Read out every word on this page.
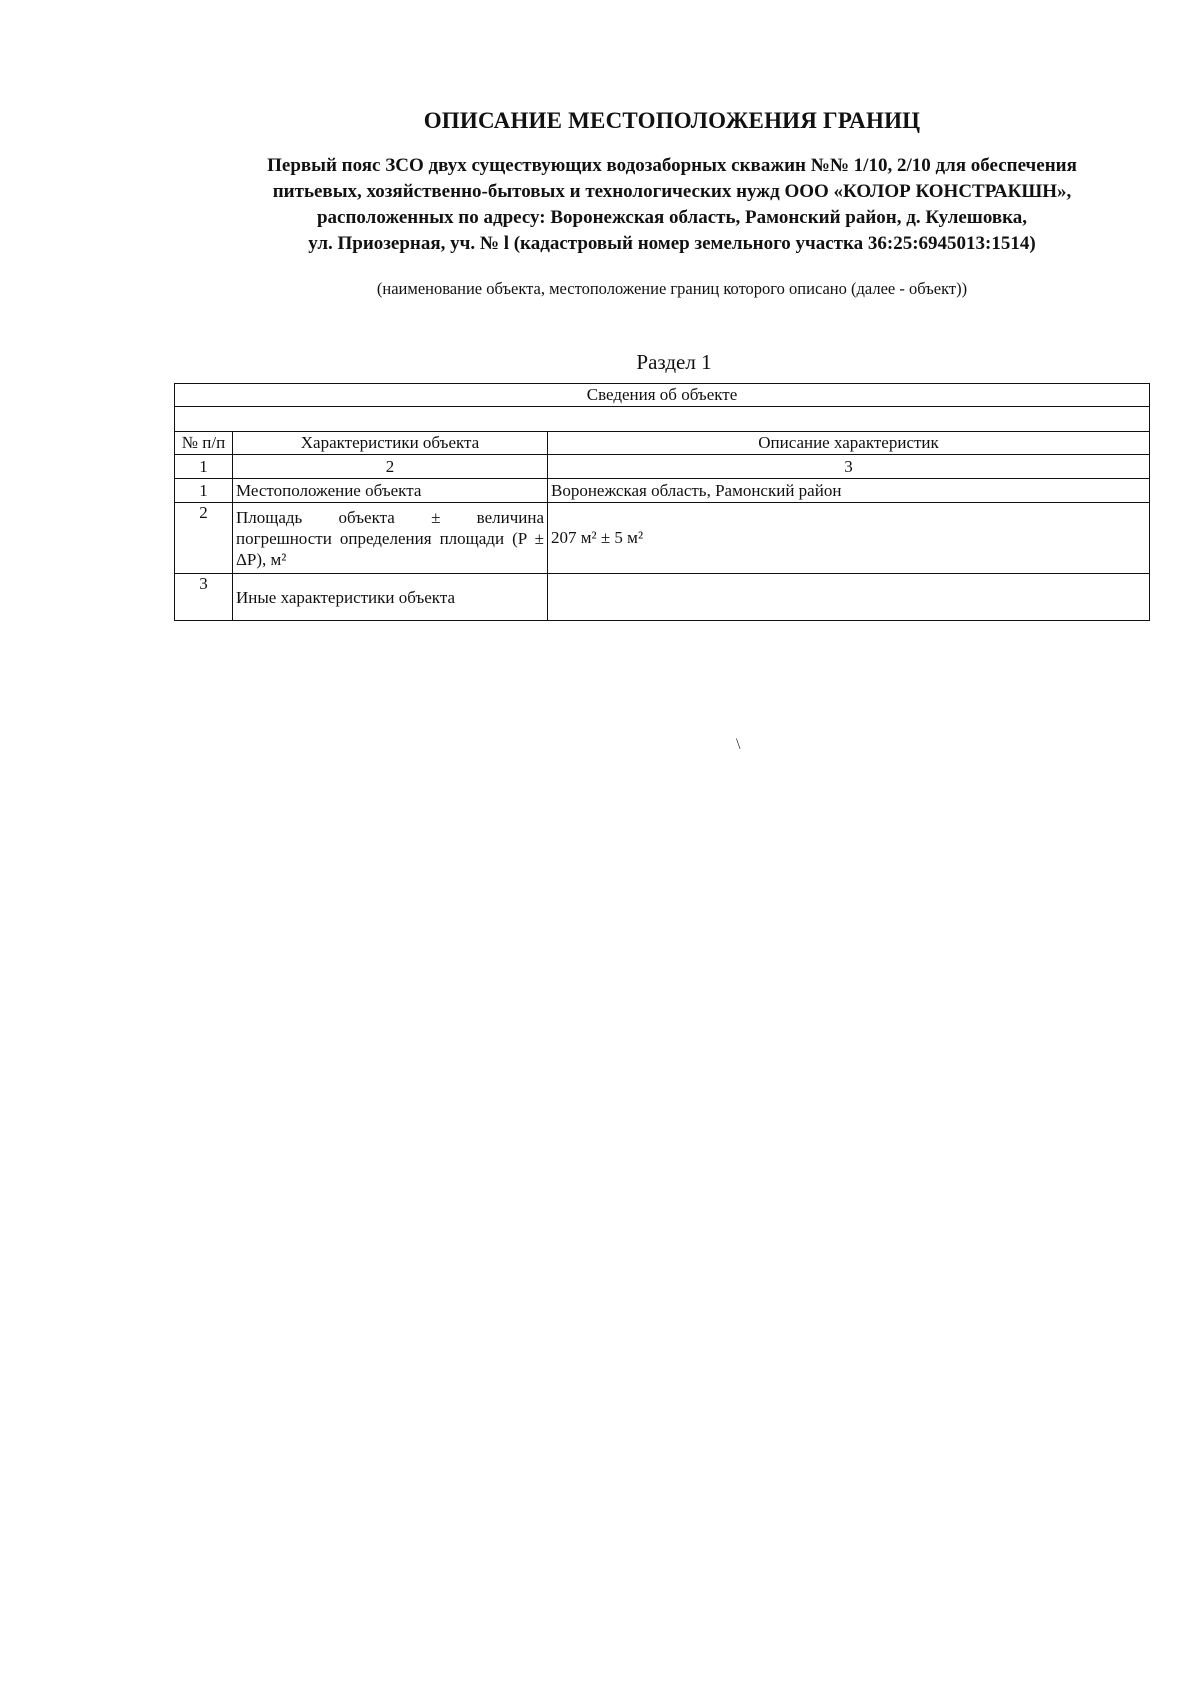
ОПИСАНИЕ МЕСТОПОЛОЖЕНИЯ ГРАНИЦ
Первый пояс ЗСО двух существующих водозаборных скважин №№ 1/10, 2/10 для обеспечения
питьевых, хозяйственно-бытовых и технологических нужд ООО «КОЛОР КОНСТРАКШН»,
расположенных по адресу: Воронежская область, Рамонский район, д. Кулешовка,
ул. Приозерная, уч. № l (кадастровый номер земельного участка 36:25:6945013:1514)
(наименование объекта, местоположение границ которого описано (далее - объект))
Раздел 1
Сведения об объекте		

№ п/п	Характеристики объекта	Описание характеристик
1	2	3
1	Местоположение объекта	Воронежская область, Рамонский район
2	Площадь объекта ± величина погрешности определения площади (P ± ΔP), м²	207 м² ± 5 м²
3	Иные характеристики объекта	
\
